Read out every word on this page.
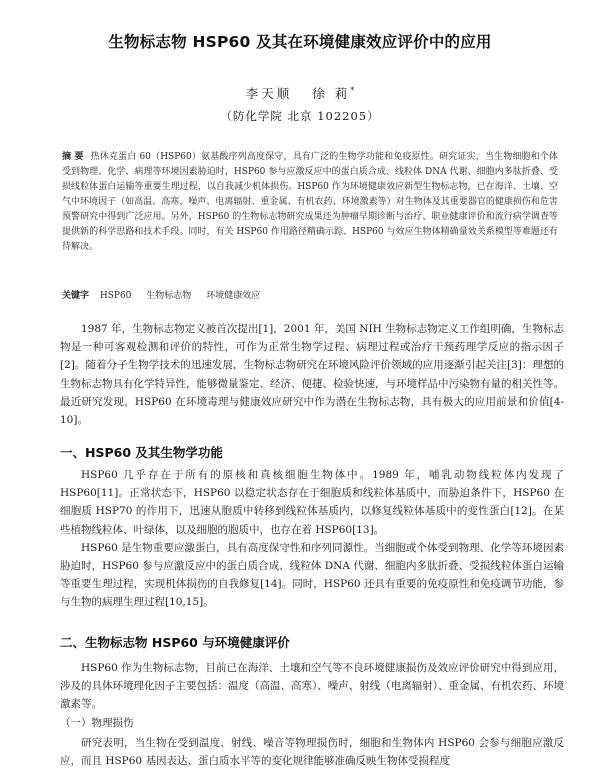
生物标志物 HSP60 及其在环境健康效应评价中的应用
李天顺 徐 莉*
（防化学院 北京 102205）
摘 要 热休克蛋白 60（HSP60）氨基酸序列高度保守，具有广泛的生物学功能和免疫原性。研究证实，当生物细胞和个体受到物理、化学、病理等环境因素胁迫时，HSP60 参与应激反应中的蛋白质合成、线粒体 DNA 代谢、细胞内多肽折叠、受损线粒体蛋白运输等重要生理过程，以自我减少机体损伤。HSP60 作为环境健康效应新型生物标志物，已在海洋、土壤、空气中环境因子（如高温、高寒、噪声、电离辐射、重金属、有机农药、环境激素等）对生物体及其重要器官的健康损伤和危害预警研究中得到广泛应用。另外，HSP60 的生物标志物研究成果还为肿瘤早期诊断与治疗、职业健康评价和流行病学调查等提供新的科学思路和技术手段。同时，有关 HSP60 作用路径精确示踪、HSP60 与效应生物体精确量效关系模型等难题还有待解决。
关键字 HSP60 生物标志物 环境健康效应

1987 年，生物标志物定义被首次提出[1]，2001 年，美国 NIH 生物标志物定义工作组明确，生物标志物是一种可客观检测和评价的特性，可作为正常生物学过程、病理过程或治疗干预药理学反应的指示因子[2]。随着分子生物学技术的迅速发展，生物标志物研究在环境风险评价领域的应用逐渐引起关注[3]：理想的生物标志物具有化学特异性，能够微量鉴定、经济、便捷、检验快速，与环境样品中污染物有量的相关性等。最近研究发现，HSP60 在环境毒理与健康效应研究中作为潜在生物标志物，具有极大的应用前景和价值[4-10]。

一、HSP60 及其生物学功能

HSP60 几乎存在于所有的原核和真核细胞生物体中。1989 年，哺乳动物线粒体内发现了 HSP60[11]。正常状态下，HSP60 以稳定状态存在于细胞质和线粒体基质中，而胁迫条件下，HSP60 在细胞质 HSP70 的作用下，迅速从胞质中转移到线粒体基质内，以修复线粒体基质中的变性蛋白[12]。在某些植物线粒体、叶绿体，以及细胞的胞质中，也存在着 HSP60[13]。

HSP60 是生物重要应激蛋白，具有高度保守性和序列同源性。当细胞或个体受到物理、化学等环境因素胁迫时，HSP60 参与应激反应中的蛋白质合成、线粒体 DNA 代谢、细胞内多肽折叠、受损线粒体蛋白运输等重要生理过程，实现机体损伤的自我修复[14]。同时，HSP60 还具有重要的免疫原性和免疫调节功能，参与生物的病理生理过程[10,15]。

二、生物标志物 HSP60 与环境健康评价

HSP60 作为生物标志物，目前已在海洋、土壤和空气等不良环境健康损伤及效应评价研究中得到应用，涉及的具体环境理化因子主要包括：温度（高温、高寒）、噪声、射线（电离辐射）、重金属、有机农药、环境激素等。

（一）物理损伤

研究表明，当生物在受到温度、射线、噪音等物理损伤时，细胞和生物体内 HSP60 会参与细胞应激反应，而且 HSP60 基因表达、蛋白质水平等的变化规律能够准确反映生物体受损程度
